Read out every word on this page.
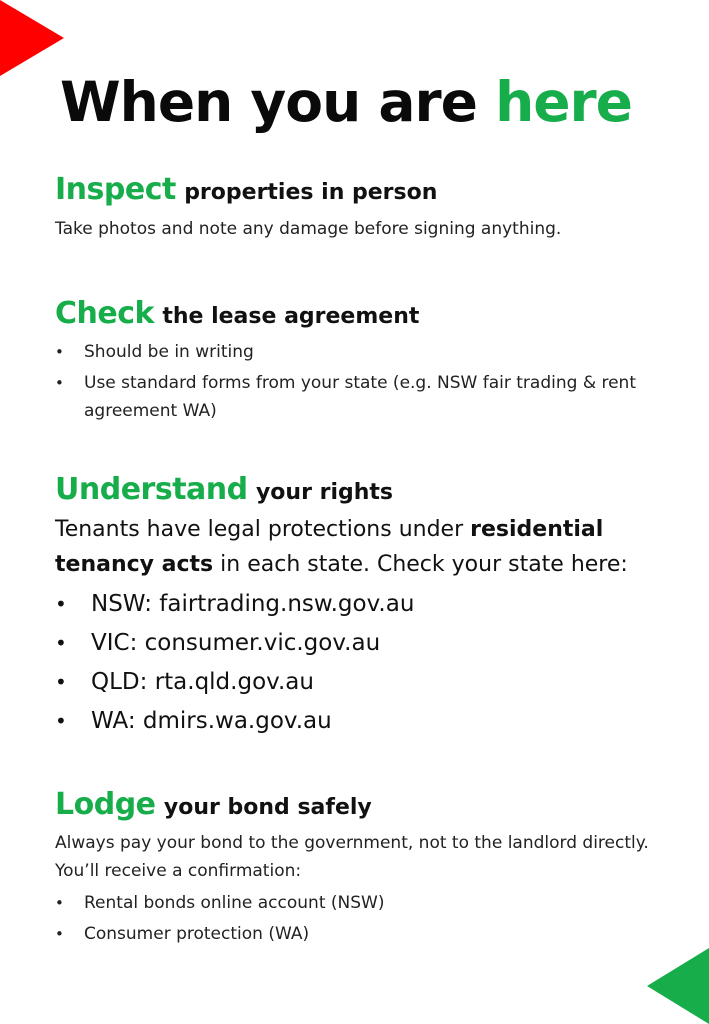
When you are here
Inspect properties in person

Take photos and note any damage before signing anything.

Check the lease agreement
• Should be in writing
• Use standard forms from your state (e.g. NSW fair trading & rent agreement WA)
Understand your rights

Tenants have legal protections under residential tenancy acts in each state. Check your state here:

• NSW: fairtrading.nsw.gov.au
• VIC: consumer.vic.gov.au
• QLD: rta.qld.gov.au
• WA: dmirs.wa.gov.au
Lodge your bond safely

Always pay your bond to the government, not to the landlord directly. You’ll receive a confirmation:

• Rental bonds online account (NSW)
• Consumer protection (WA)
